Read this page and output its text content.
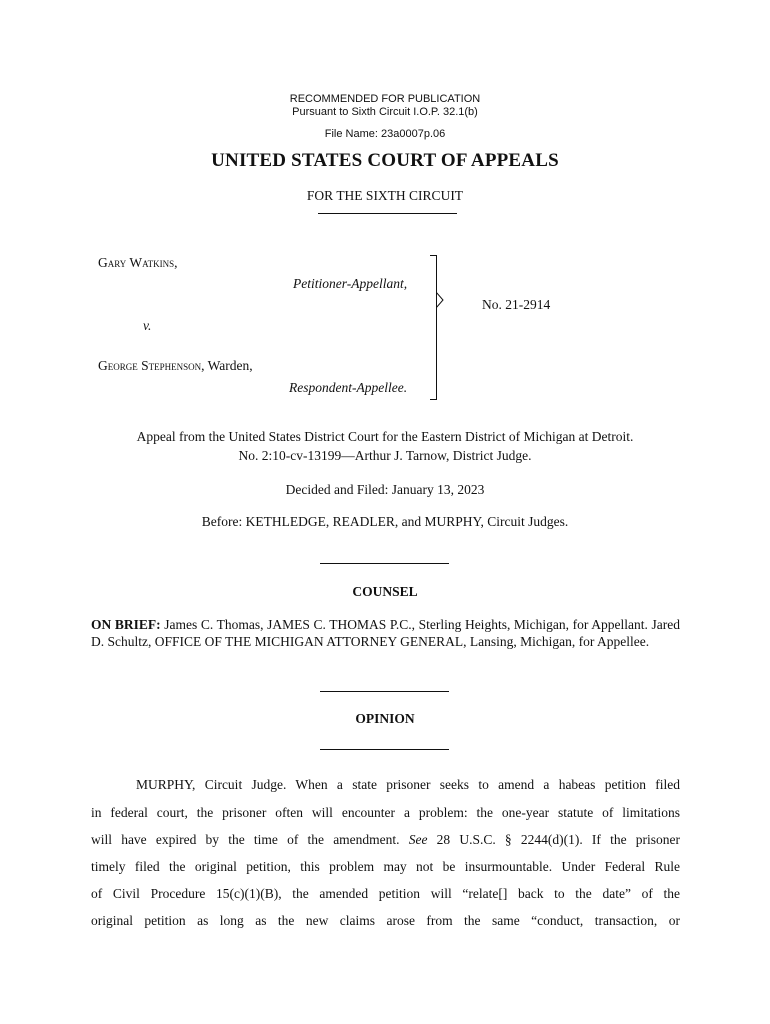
RECOMMENDED FOR PUBLICATION
Pursuant to Sixth Circuit I.O.P. 32.1(b)
File Name: 23a0007p.06
UNITED STATES COURT OF APPEALS
FOR THE SIXTH CIRCUIT
Gary Watkins,
Petitioner-Appellant,
v.
George Stephenson, Warden,
Respondent-Appellee.
No. 21-2914
Appeal from the United States District Court for the Eastern District of Michigan at Detroit.
No. 2:10-cv-13199—Arthur J. Tarnow, District Judge.
Decided and Filed: January 13, 2023
Before: KETHLEDGE, READLER, and MURPHY, Circuit Judges.
COUNSEL
ON BRIEF: James C. Thomas, JAMES C. THOMAS P.C., Sterling Heights, Michigan, for Appellant. Jared D. Schultz, OFFICE OF THE MICHIGAN ATTORNEY GENERAL, Lansing, Michigan, for Appellee.
OPINION
MURPHY, Circuit Judge. When a state prisoner seeks to amend a habeas petition filed
in federal court, the prisoner often will encounter a problem: the one-year statute of limitations
will have expired by the time of the amendment. See 28 U.S.C. § 2244(d)(1). If the prisoner
timely filed the original petition, this problem may not be insurmountable. Under Federal Rule
of Civil Procedure 15(c)(1)(B), the amended petition will “relate[] back to the date” of the
original petition as long as the new claims arose from the same “conduct, transaction, or
